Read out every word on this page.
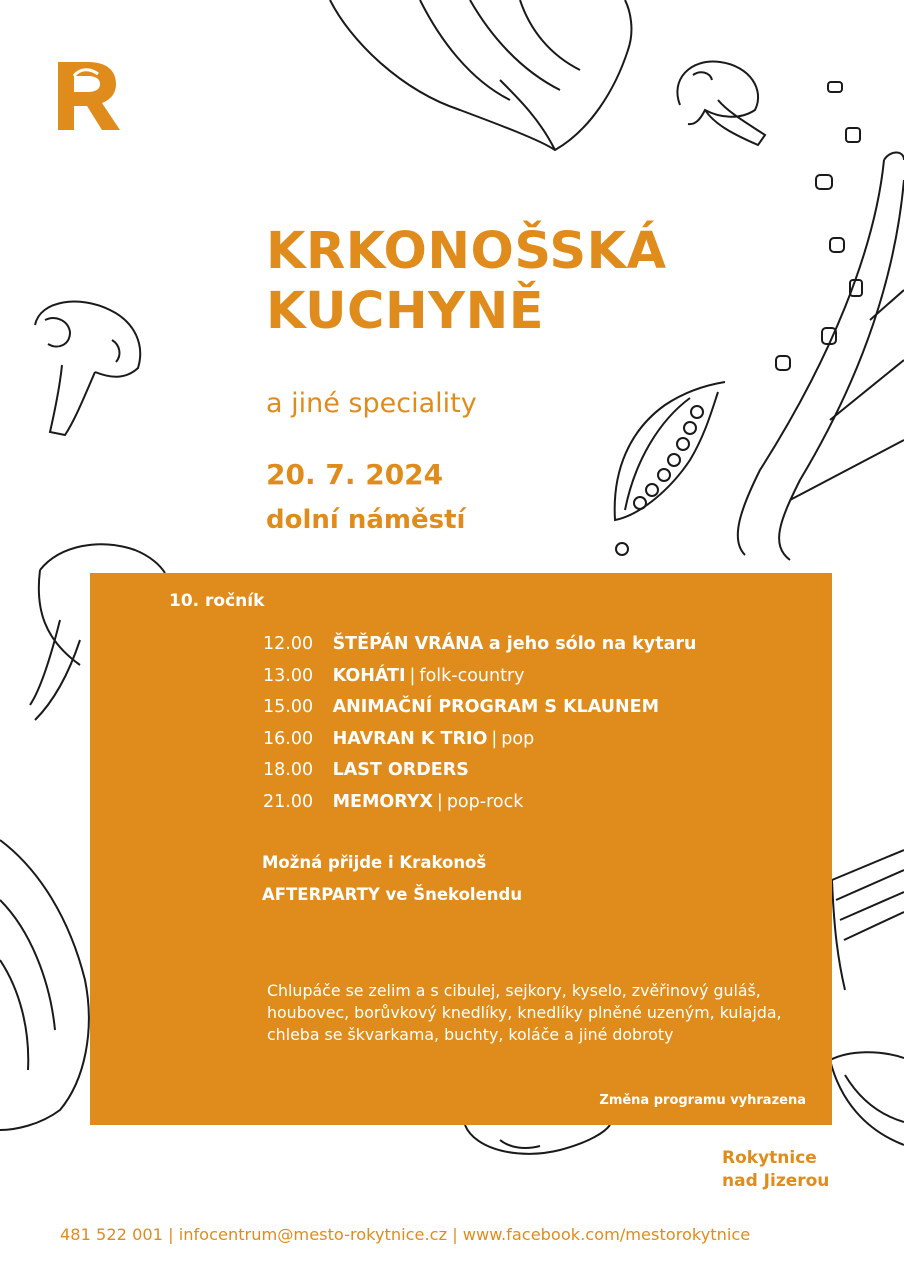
KRKONOŠSKÁ
KUCHYNĚ
a jiné speciality
20. 7. 2024
dolní náměstí
10. ročník
12.00 ŠTĚPÁN VRÁNA a jeho sólo na kytaru
13.00 KOHÁTI | folk-country
15.00 ANIMAČNÍ PROGRAM S KLAUNEM
16.00 HAVRAN K TRIO | pop
18.00 LAST ORDERS
21.00 MEMORYX | pop-rock
Možná přijde i Krakonoš
AFTERPARTY ve Šnekolendu

Chlupáče se zelim a s cibulej, sejkory, kyselo, zvěřinový guláš, houbovec, borůvkový knedlíky, knedlíky plněné uzeným, kulajda, chleba se škvarkama, buchty, koláče a jiné dobroty

Změna programu vyhrazena
Rokytnice
nad Jizerou
481 522 001 | infocentrum@mesto-rokytnice.cz | www.facebook.com/mestorokytnice
